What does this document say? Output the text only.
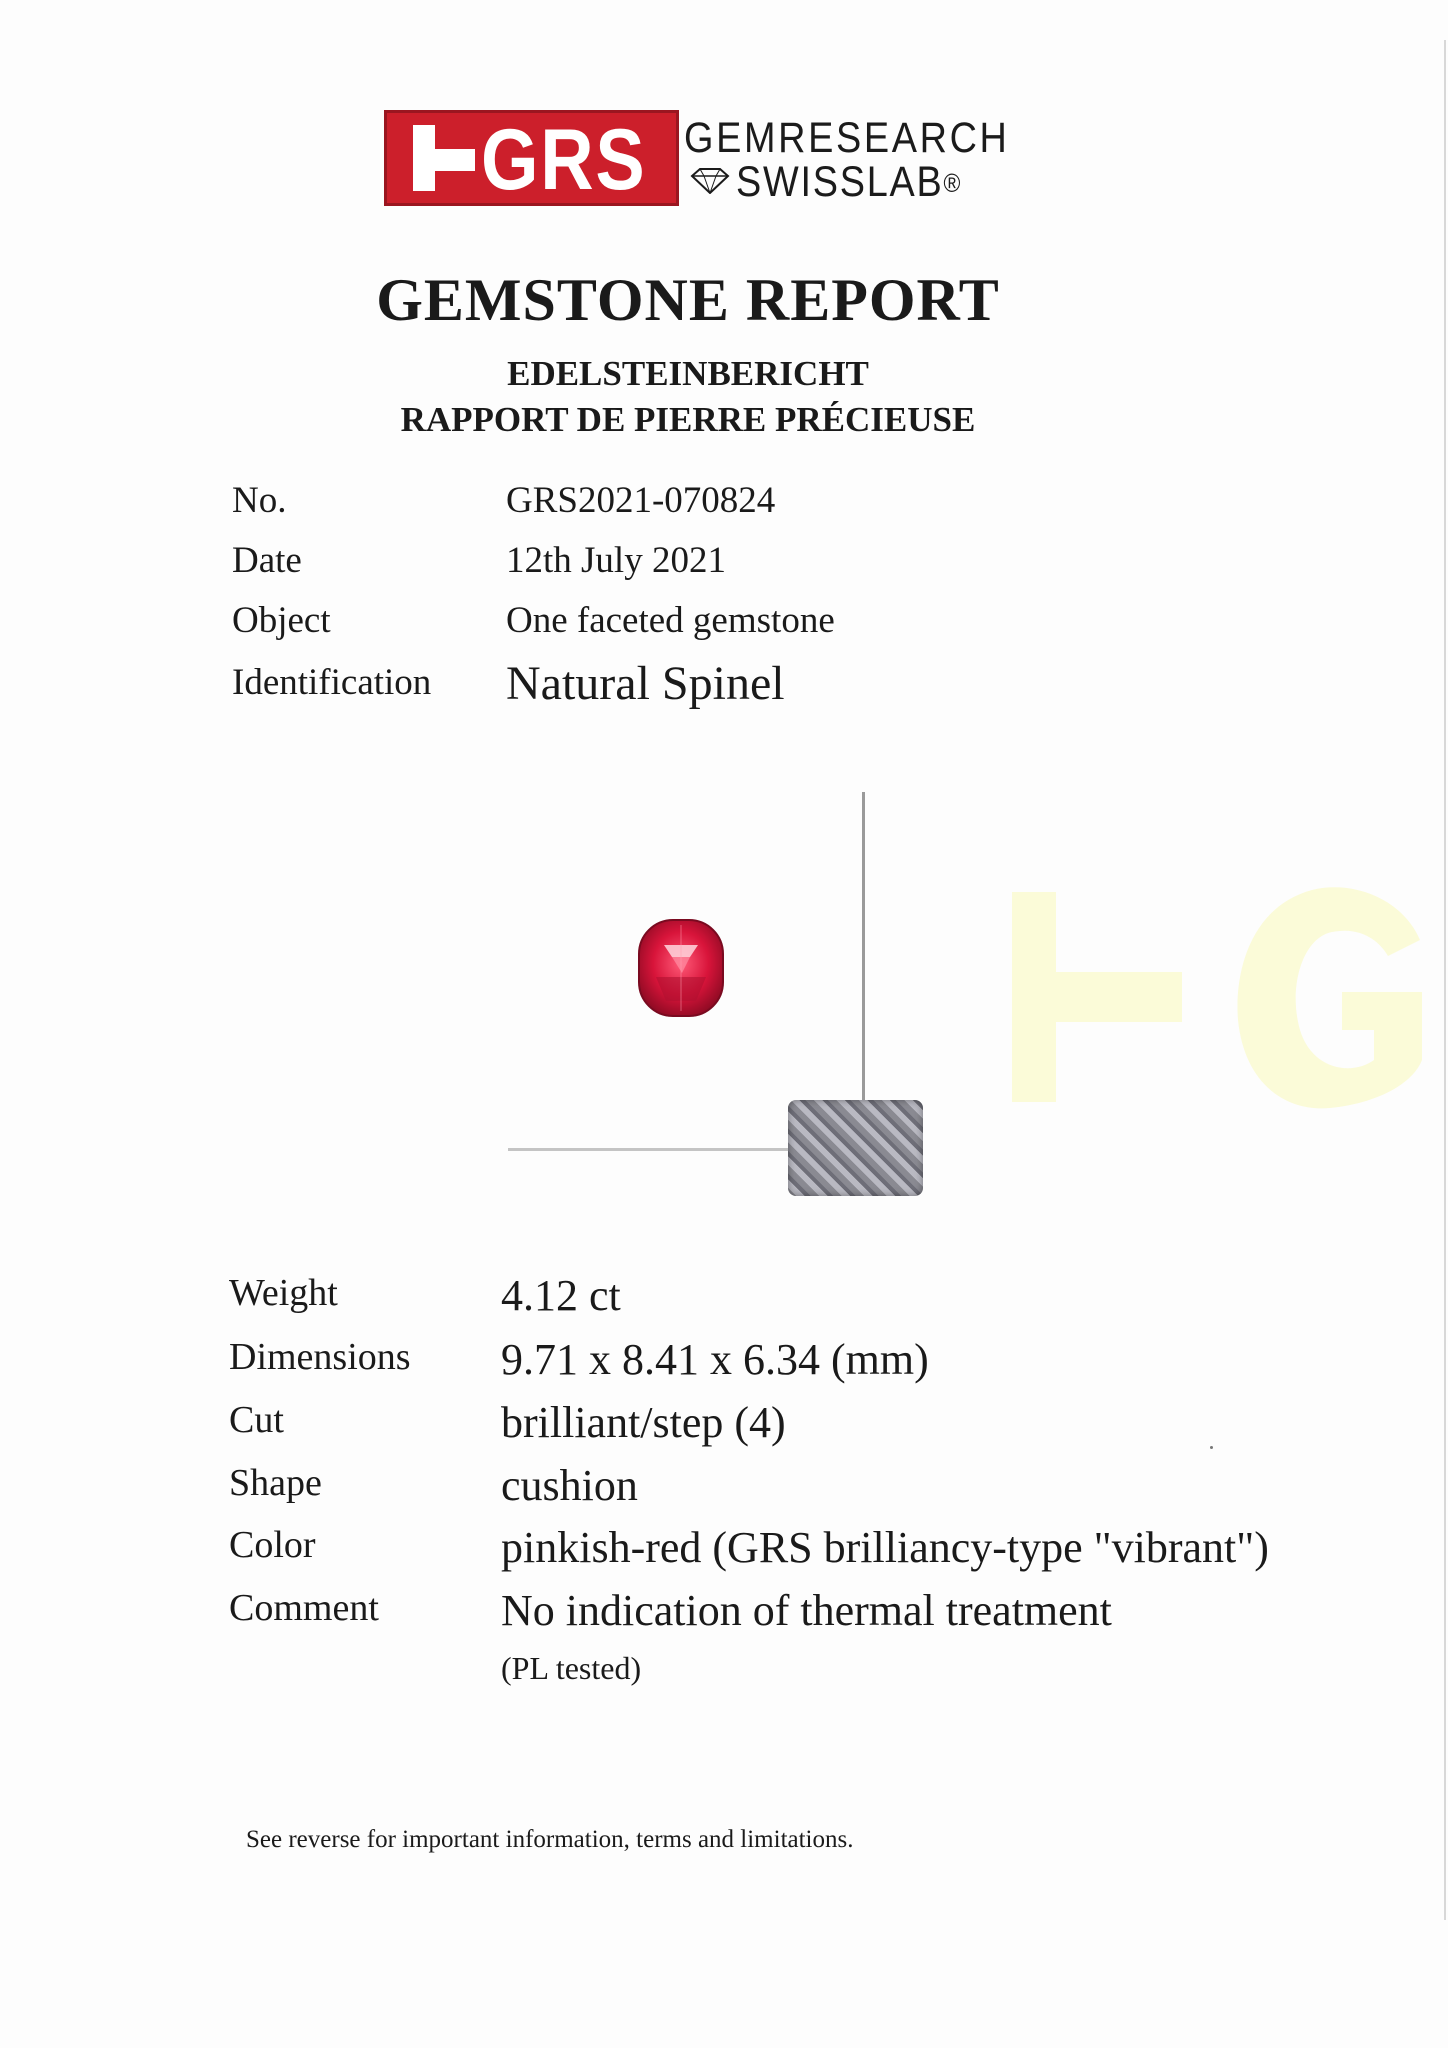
GRS GEMRESEARCH
SWISSLAB®
GEMSTONE REPORT
EDELSTEINBERICHT
RAPPORT DE PIERRE PRÉCIEUSE
No.	GRS2021-070824
Date	12th July 2021
Object	One faceted gemstone
Identification Natural Spinel
Weight	4.12 ct
Dimensions 9.71 x 8.41 x 6.34 (mm)
Cut	brilliant/step (4)
Shape	cushion
Color	pinkish-red (GRS brilliancy-type "vibrant")
Comment	No indication of thermal treatment
(PL tested)
See reverse for important information, terms and limitations.
